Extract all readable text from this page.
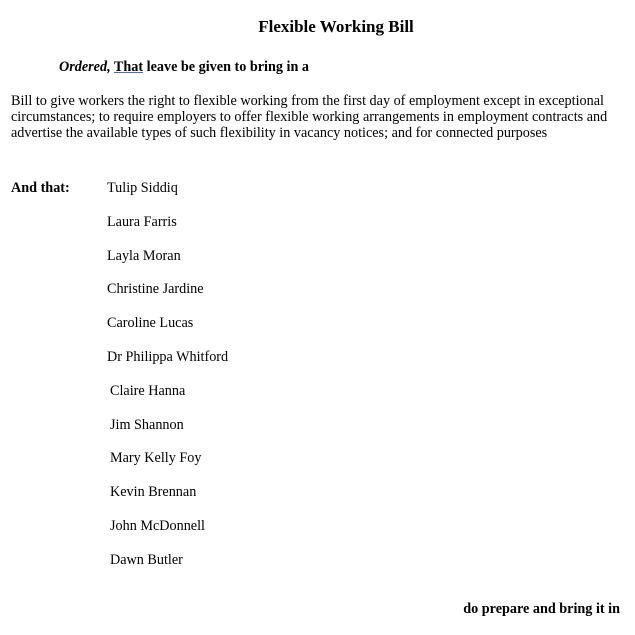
Flexible Working Bill
Ordered, That leave be given to bring in a
Bill to give workers the right to flexible working from the first day of employment except in exceptional circumstances; to require employers to offer flexible working arrangements in employment contracts and advertise the available types of such flexibility in vacancy notices; and for connected purposes
And that:	Tulip Siddiq
Laura Farris
Layla Moran
Christine Jardine
Caroline Lucas
Dr Philippa Whitford
Claire Hanna
Jim Shannon
Mary Kelly Foy
Kevin Brennan
John McDonnell
Dawn Butler
do prepare and bring it in
